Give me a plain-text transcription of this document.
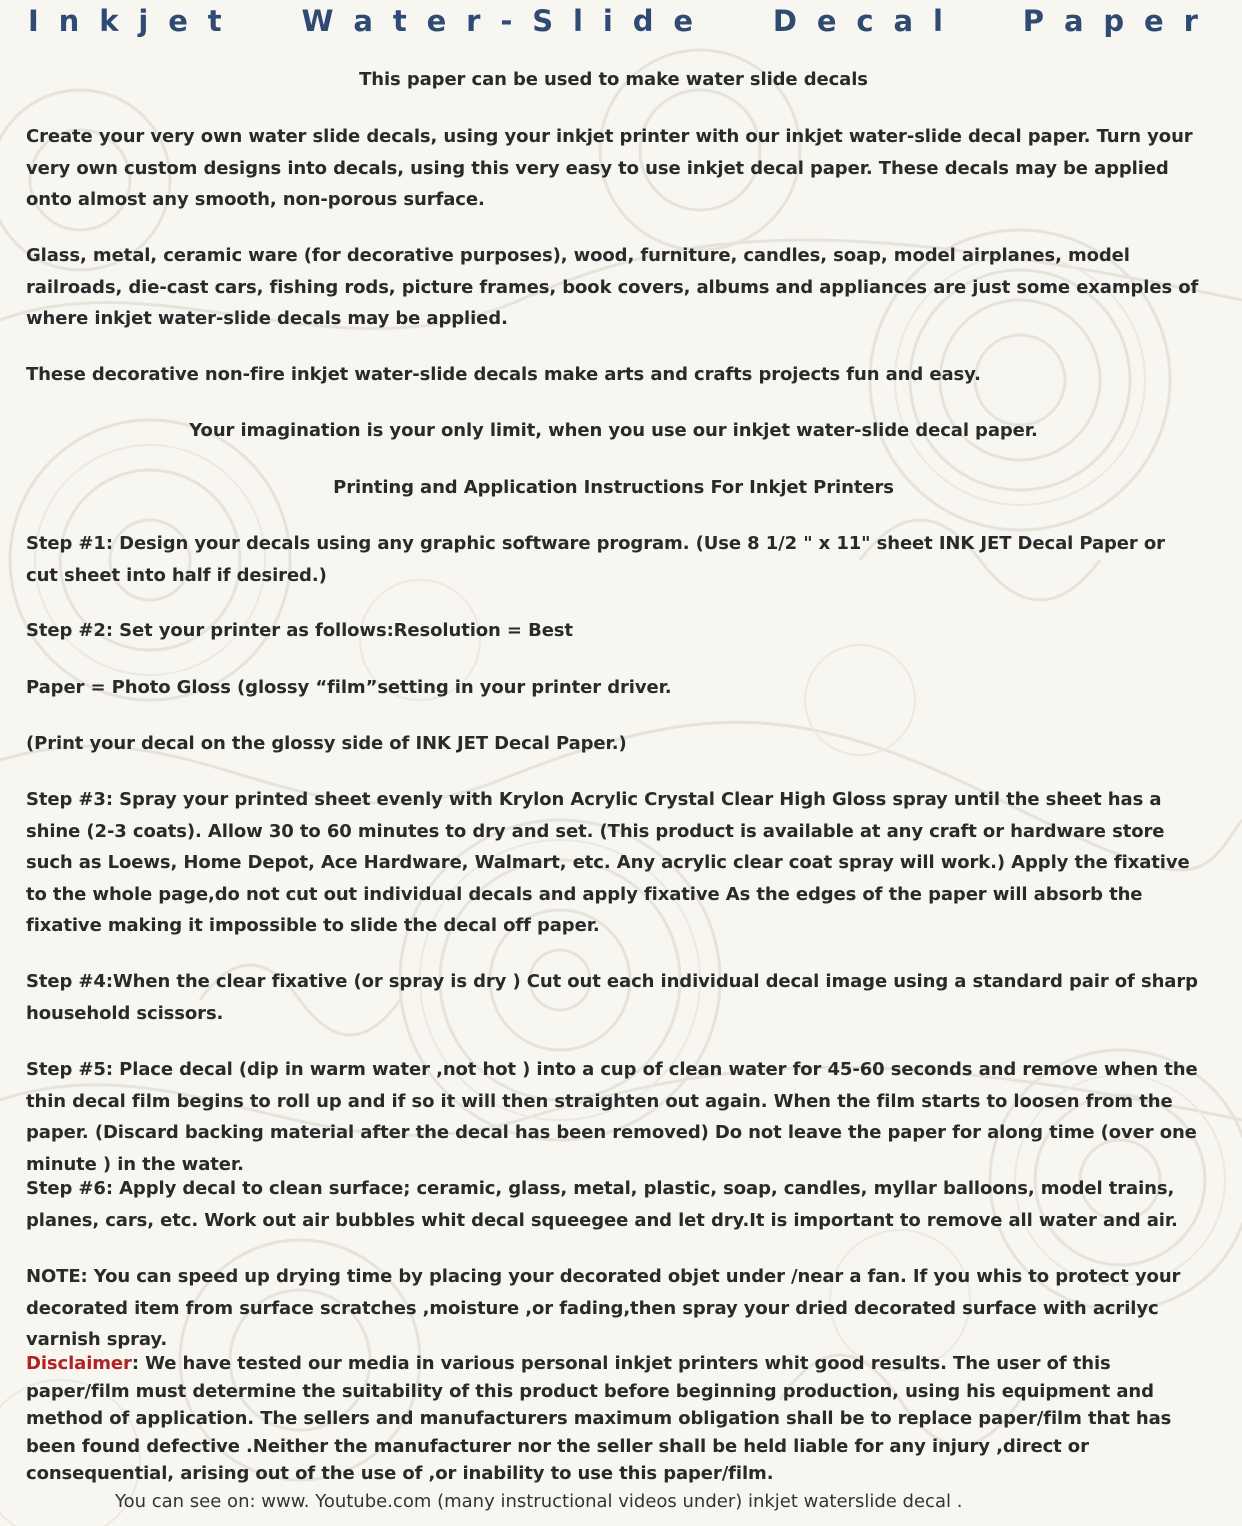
I n k j e t

	W a t e r - S l i d e

	D e c a l

	P a p e r

This paper can be used to make water slide decals

Create your very own water slide decals, using your inkjet printer with our inkjet water-slide decal paper. Turn your very own custom designs into decals, using this very easy to use inkjet decal paper. These decals may be applied onto almost any smooth, non-porous surface.

Glass, metal, ceramic ware (for decorative purposes), wood, furniture, candles, soap, model airplanes, model railroads, die-cast cars, fishing rods, picture frames, book covers, albums and appliances are just some examples of where inkjet water-slide decals may be applied.

These decorative non-fire inkjet water-slide decals make arts and crafts projects fun and easy.

Your imagination is your only limit, when you use our inkjet water-slide decal paper.

Printing and Application Instructions For Inkjet Printers

Step #1: Design your decals using any graphic software program. (Use 8 1/2 " x 11" sheet INK JET Decal Paper or cut sheet into half if desired.)

Step #2: Set your printer as follows:Resolution = Best

Paper = Photo Gloss (glossy “film”setting in your printer driver.

(Print your decal on the glossy side of INK JET Decal Paper.)

Step #3: Spray your printed sheet evenly with Krylon Acrylic Crystal Clear High Gloss spray until the sheet has a shine (2-3 coats). Allow 30 to 60 minutes to dry and set. (This product is available at any craft or hardware store such as Loews, Home Depot, Ace Hardware, Walmart, etc. Any acrylic clear coat spray will work.) Apply the fixative to the whole page,do not cut out individual decals and apply fixative As the edges of the paper will absorb the fixative making it impossible to slide the decal off paper.

Step #4:When the clear fixative (or spray is dry ) Cut out each individual decal image using a standard pair of sharp household scissors.

Step #5: Place decal (dip in warm water ,not hot ) into a cup of clean water for 45-60 seconds and remove when the thin decal film begins to roll up and if so it will then straighten out again. When the film starts to loosen from the paper. (Discard backing material after the decal has been removed) Do not leave the paper for along time (over one minute ) in the water.

Step #6: Apply decal to clean surface; ceramic, glass, metal, plastic, soap, candles, myllar balloons, model trains, planes, cars, etc. Work out air bubbles whit decal squeegee and let dry.It is important to remove all water and air.

NOTE: You can speed up drying time by placing your decorated objet under /near a fan. If you whis to protect your decorated item from surface scratches ,moisture ,or fading,then spray your dried decorated surface with acrilyc varnish spray.

Disclaimer: We have tested our media in various personal inkjet printers whit good results. The user of this paper/film must determine the suitability of this product before beginning production, using his equipment and method of application. The sellers and manufacturers maximum obligation shall be to replace paper/film that has been found defective .Neither the manufacturer nor the seller shall be held liable for any injury ,direct or consequential, arising out of the use of ,or inability to use this paper/film.

You can see on: www. Youtube.com (many instructional videos under) inkjet waterslide decal .
